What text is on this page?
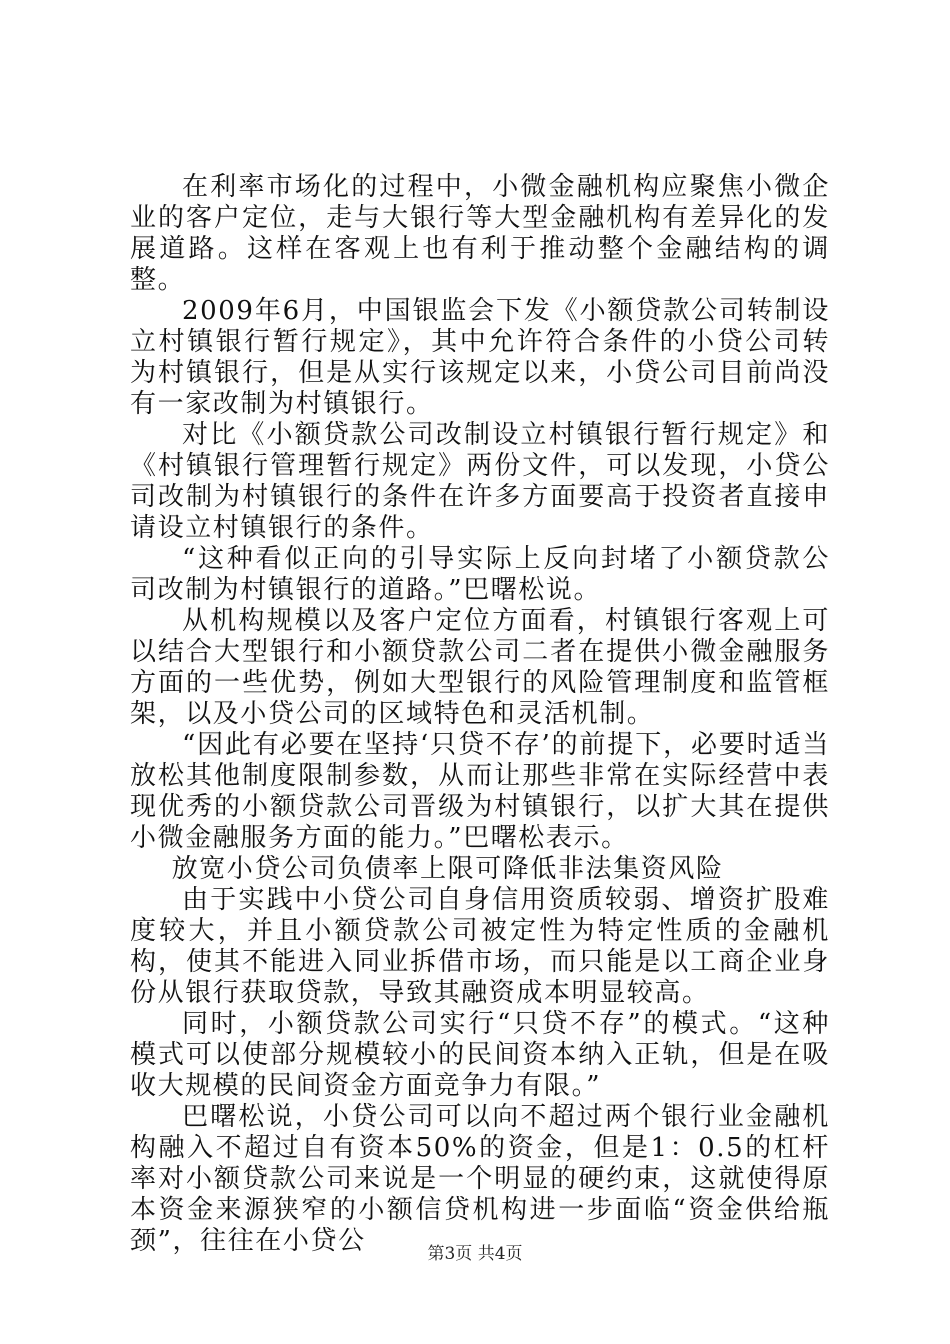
在利率市场化的过程中，小微金融机构应聚焦小微企业的客户定位，走与大银行等大型金融机构有差异化的发展道路。这样在客观上也有利于推动整个金融结构的调整。

2009年6月，中国银监会下发《小额贷款公司转制设立村镇银行暂行规定》，其中允许符合条件的小贷公司转为村镇银行，但是从实行该规定以来，小贷公司目前尚没有一家改制为村镇银行。

对比《小额贷款公司改制设立村镇银行暂行规定》和《村镇银行管理暂行规定》两份文件，可以发现，小贷公司改制为村镇银行的条件在许多方面要高于投资者直接申请设立村镇银行的条件。

“这种看似正向的引导实际上反向封堵了小额贷款公司改制为村镇银行的道路。”巴曙松说。

从机构规模以及客户定位方面看，村镇银行客观上可以结合大型银行和小额贷款公司二者在提供小微金融服务方面的一些优势，例如大型银行的风险管理制度和监管框架，以及小贷公司的区域特色和灵活机制。

“因此有必要在坚持‘只贷不存’的前提下，必要时适当放松其他制度限制参数，从而让那些非常在实际经营中表现优秀的小额贷款公司晋级为村镇银行，以扩大其在提供小微金融服务方面的能力。”巴曙松表示。

放宽小贷公司负债率上限可降低非法集资风险

由于实践中小贷公司自身信用资质较弱、增资扩股难度较大，并且小额贷款公司被定性为特定性质的金融机构，使其不能进入同业拆借市场，而只能是以工商企业身份从银行获取贷款，导致其融资成本明显较高。

同时，小额贷款公司实行“只贷不存”的模式。“这种模式可以使部分规模较小的民间资本纳入正轨，但是在吸收大规模的民间资金方面竞争力有限。”

巴曙松说，小贷公司可以向不超过两个银行业金融机构融入不超过自有资本50%的资金，但是1：0.5的杠杆率对小额贷款公司来说是一个明显的硬约束，这就使得原本资金来源狭窄的小额信贷机构进一步面临“资金供给瓶颈”，往往在小贷公	第3页 共4页
